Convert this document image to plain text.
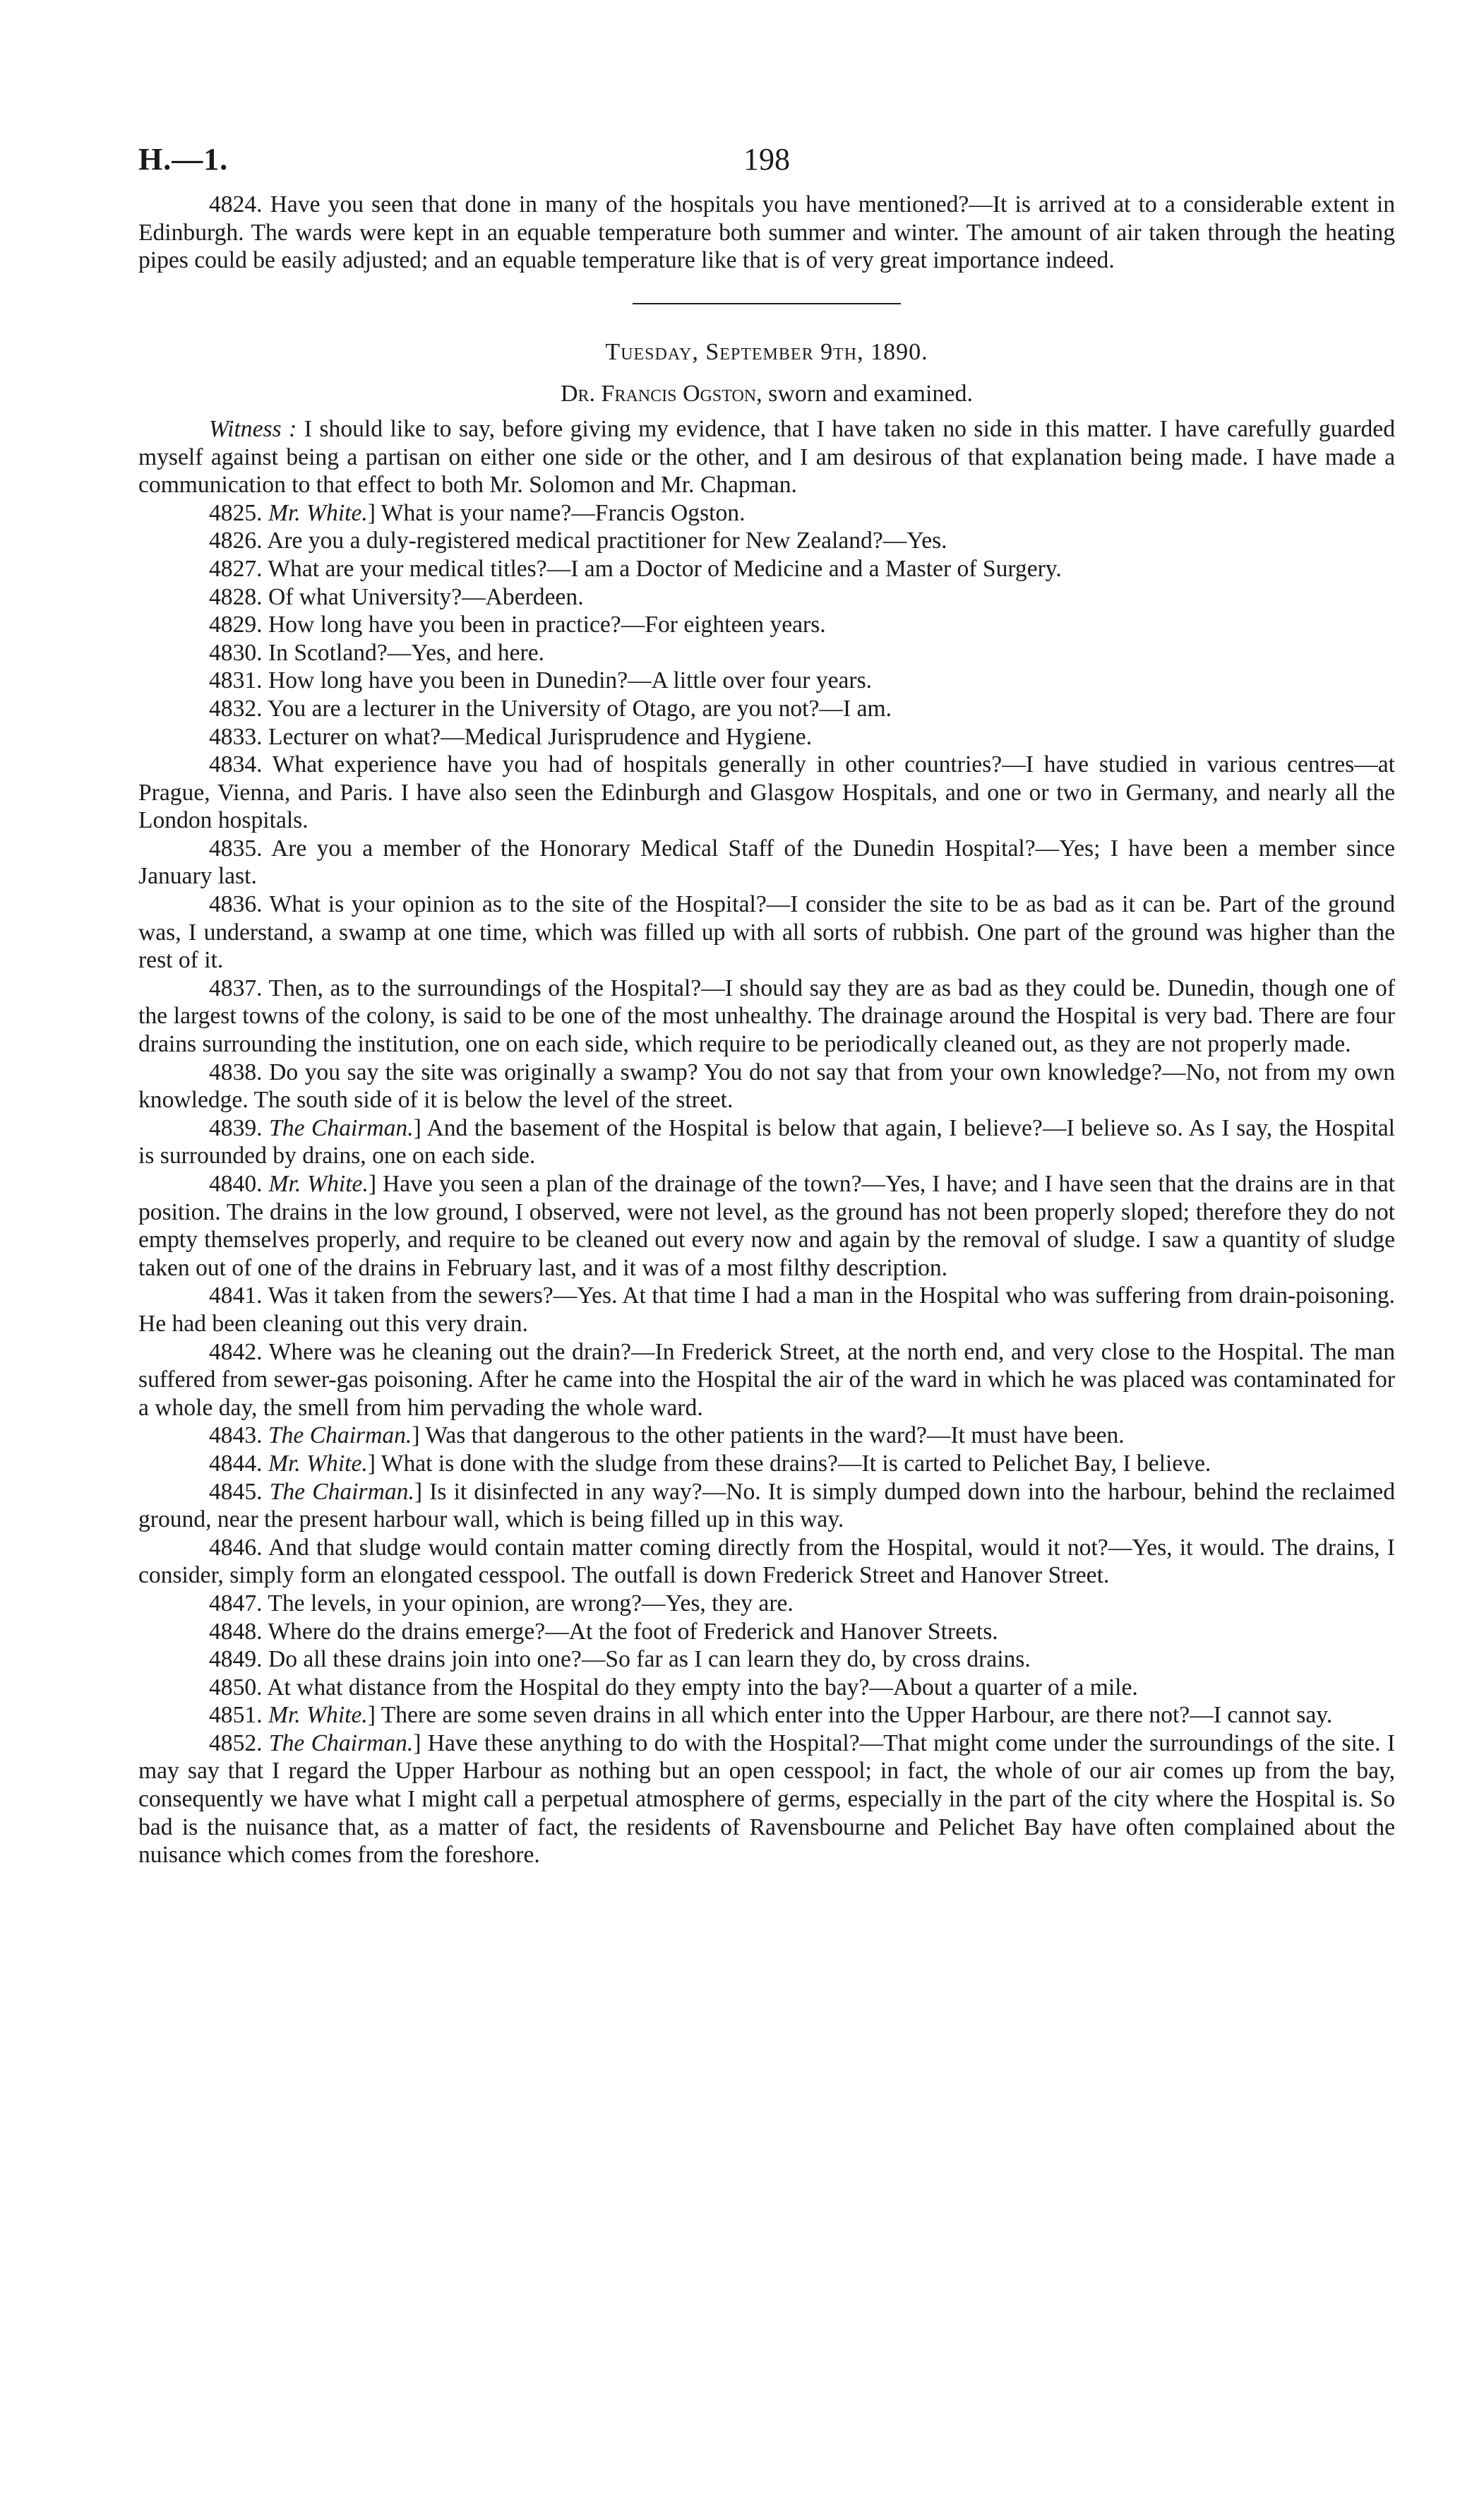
H.—1.	198

4824. Have you seen that done in many of the hospitals you have mentioned?—It is arrived at to a considerable extent in Edinburgh. The wards were kept in an equable temperature both summer and winter. The amount of air taken through the heating pipes could be easily adjusted; and an equable temperature like that is of very great importance indeed.

Tuesday, September 9th, 1890.

Dr. Francis Ogston, sworn and examined.

Witness : I should like to say, before giving my evidence, that I have taken no side in this matter. I have carefully guarded myself against being a partisan on either one side or the other, and I am desirous of that explanation being made. I have made a communication to that effect to both Mr. Solomon and Mr. Chapman.

4825. Mr. White.] What is your name?—Francis Ogston.

4826. Are you a duly-registered medical practitioner for New Zealand?—Yes.

4827. What are your medical titles?—I am a Doctor of Medicine and a Master of Surgery.

4828. Of what University?—Aberdeen.

4829. How long have you been in practice?—For eighteen years.

4830. In Scotland?—Yes, and here.

4831. How long have you been in Dunedin?—A little over four years.

4832. You are a lecturer in the University of Otago, are you not?—I am.

4833. Lecturer on what?—Medical Jurisprudence and Hygiene.

4834. What experience have you had of hospitals generally in other countries?—I have studied in various centres—at Prague, Vienna, and Paris. I have also seen the Edinburgh and Glasgow Hospitals, and one or two in Germany, and nearly all the London hospitals.

4835. Are you a member of the Honorary Medical Staff of the Dunedin Hospital?—Yes; I have been a member since January last.

4836. What is your opinion as to the site of the Hospital?—I consider the site to be as bad as it can be. Part of the ground was, I understand, a swamp at one time, which was filled up with all sorts of rubbish. One part of the ground was higher than the rest of it.

4837. Then, as to the surroundings of the Hospital?—I should say they are as bad as they could be. Dunedin, though one of the largest towns of the colony, is said to be one of the most unhealthy. The drainage around the Hospital is very bad. There are four drains surrounding the institution, one on each side, which require to be periodically cleaned out, as they are not properly made.

4838. Do you say the site was originally a swamp? You do not say that from your own knowledge?—No, not from my own knowledge. The south side of it is below the level of the street.

4839. The Chairman.] And the basement of the Hospital is below that again, I believe?—I believe so. As I say, the Hospital is surrounded by drains, one on each side.

4840. Mr. White.] Have you seen a plan of the drainage of the town?—Yes, I have; and I have seen that the drains are in that position. The drains in the low ground, I observed, were not level, as the ground has not been properly sloped; therefore they do not empty themselves properly, and require to be cleaned out every now and again by the removal of sludge. I saw a quantity of sludge taken out of one of the drains in February last, and it was of a most filthy description.

4841. Was it taken from the sewers?—Yes. At that time I had a man in the Hospital who was suffering from drain-poisoning. He had been cleaning out this very drain.

4842. Where was he cleaning out the drain?—In Frederick Street, at the north end, and very close to the Hospital. The man suffered from sewer-gas poisoning. After he came into the Hospital the air of the ward in which he was placed was contaminated for a whole day, the smell from him pervading the whole ward.

4843. The Chairman.] Was that dangerous to the other patients in the ward?—It must have been.

4844. Mr. White.] What is done with the sludge from these drains?—It is carted to Pelichet Bay, I believe.

4845. The Chairman.] Is it disinfected in any way?—No. It is simply dumped down into the harbour, behind the reclaimed ground, near the present harbour wall, which is being filled up in this way.

4846. And that sludge would contain matter coming directly from the Hospital, would it not?—Yes, it would. The drains, I consider, simply form an elongated cesspool. The outfall is down Frederick Street and Hanover Street.

4847. The levels, in your opinion, are wrong?—Yes, they are.

4848. Where do the drains emerge?—At the foot of Frederick and Hanover Streets.

4849. Do all these drains join into one?—So far as I can learn they do, by cross drains.

4850. At what distance from the Hospital do they empty into the bay?—About a quarter of a mile.

4851. Mr. White.] There are some seven drains in all which enter into the Upper Harbour, are there not?—I cannot say.

4852. The Chairman.] Have these anything to do with the Hospital?—That might come under the surroundings of the site. I may say that I regard the Upper Harbour as nothing but an open cesspool; in fact, the whole of our air comes up from the bay, consequently we have what I might call a perpetual atmosphere of germs, especially in the part of the city where the Hospital is. So bad is the nuisance that, as a matter of fact, the residents of Ravensbourne and Pelichet Bay have often complained about the nuisance which comes from the foreshore.
